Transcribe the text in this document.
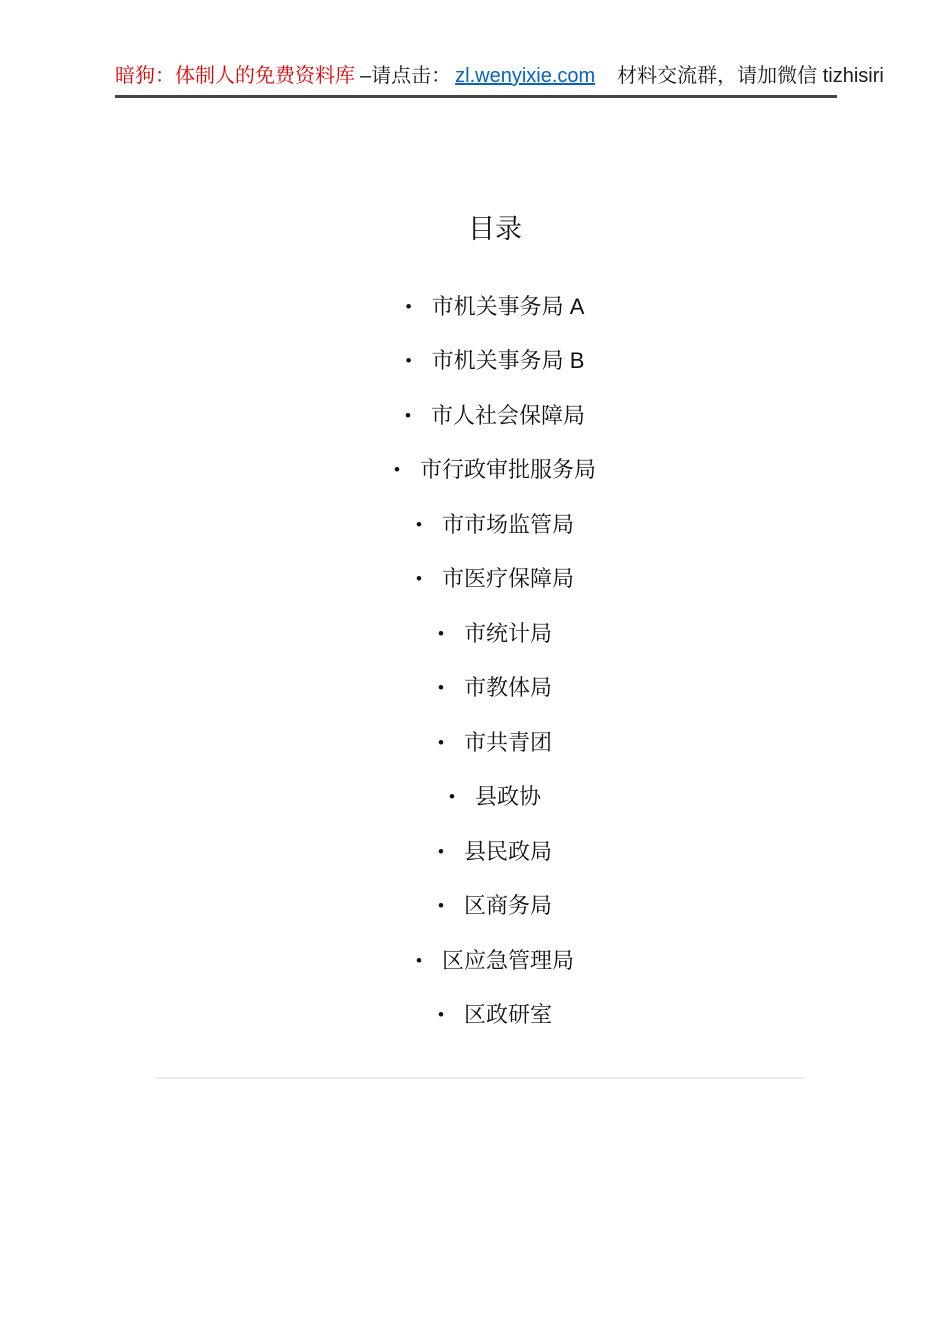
暗狗：体制人的免费资料库 –请点击： zl.wenyixie.com 材料交流群，请加微信 tizhisiri
目录
• 市机关事务局 A
• 市机关事务局 B
• 市人社会保障局
• 市行政审批服务局
• 市市场监管局
• 市医疗保障局
• 市统计局
• 市教体局
• 市共青团
• 县政协
• 县民政局
• 区商务局
• 区应急管理局
• 区政研室
